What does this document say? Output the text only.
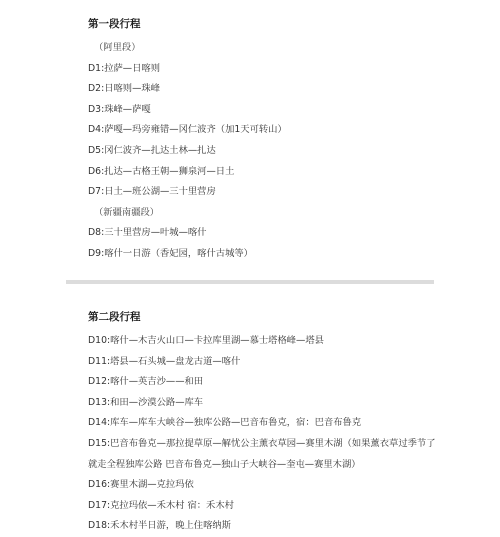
第一段行程
（阿里段）
D1:拉萨—日喀则
D2:日喀则—珠峰
D3:珠峰—萨嘎
D4:萨嘎—玛旁雍错—冈仁波齐（加1天可转山）
D5:冈仁波齐—扎达土林—扎达
D6:扎达—古格王朝—狮泉河—日土
D7:日土—班公湖—三十里营房
（新疆南疆段）
D8:三十里营房—叶城—喀什
D9:喀什一日游（香妃园，喀什古城等）
第二段行程
D10:喀什—木吉火山口—卡拉库里湖—慕士塔格峰—塔县
D11:塔县—石头城—盘龙古道—喀什
D12:喀什—英吉沙——和田
D13:和田—沙漠公路—库车
D14:库车—库车大峡谷—独库公路—巴音布鲁克，宿：巴音布鲁克
D15:巴音布鲁克—那拉提草原—解忧公主薰衣草园—赛里木湖（如果薰衣草过季节了
就走全程独库公路 巴音布鲁克—独山子大峡谷—奎屯—赛里木湖）
D16:赛里木湖—克拉玛依
D17:克拉玛依—禾木村 宿：禾木村
D18:禾木村半日游，晚上住喀纳斯
